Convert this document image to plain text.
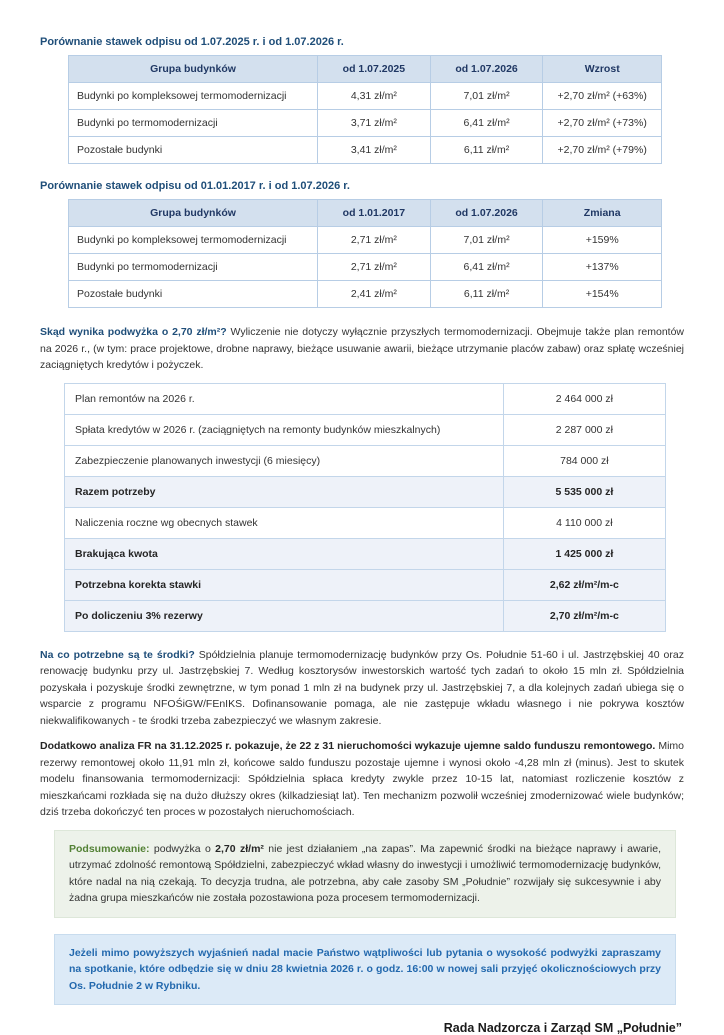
Porównanie stawek odpisu od 1.07.2025 r. i od 1.07.2026 r.
Grupa budynków	od 1.07.2025	od 1.07.2026	Wzrost
Budynki po kompleksowej termomodernizacji	4,31 zł/m²	7,01 zł/m²	+2,70 zł/m² (+63%)
Budynki po termomodernizacji	3,71 zł/m²	6,41 zł/m²	+2,70 zł/m² (+73%)
Pozostałe budynki	3,41 zł/m²	6,11 zł/m²	+2,70 zł/m² (+79%)
Porównanie stawek odpisu od 01.01.2017 r. i od 1.07.2026 r.
Grupa budynków	od 1.01.2017	od 1.07.2026	Zmiana
Budynki po kompleksowej termomodernizacji	2,71 zł/m²	7,01 zł/m²	+159%
Budynki po termomodernizacji	2,71 zł/m²	6,41 zł/m²	+137%
Pozostałe budynki	2,41 zł/m²	6,11 zł/m²	+154%

Skąd wynika podwyżka o 2,70 zł/m²? Wyliczenie nie dotyczy wyłącznie przyszłych termomodernizacji. Obejmuje także plan remontów na 2026 r., (w tym: prace projektowe, drobne naprawy, bieżące usuwanie awarii, bieżące utrzymanie placów zabaw) oraz spłatę wcześniej zaciągniętych kredytów i pożyczek.

Plan remontów na 2026 r.	2 464 000 zł
Spłata kredytów w 2026 r. (zaciągniętych na remonty budynków mieszkalnych)	2 287 000 zł
Zabezpieczenie planowanych inwestycji (6 miesięcy)	784 000 zł
Razem potrzeby	5 535 000 zł
Naliczenia roczne wg obecnych stawek	4 110 000 zł
Brakująca kwota	1 425 000 zł
Potrzebna korekta stawki	2,62 zł/m²/m-c
Po doliczeniu 3% rezerwy	2,70 zł/m²/m-c

Na co potrzebne są te środki? Spółdzielnia planuje termomodernizację budynków przy Os. Południe 51-60 i ul. Jastrzębskiej 40 oraz renowację budynku przy ul. Jastrzębskiej 7. Według kosztorysów inwestorskich wartość tych zadań to około 15 mln zł. Spółdzielnia pozyskała i pozyskuje środki zewnętrzne, w tym ponad 1 mln zł na budynek przy ul. Jastrzębskiej 7, a dla kolejnych zadań ubiega się o wsparcie z programu NFOŚiGW/FEnIKS. Dofinansowanie pomaga, ale nie zastępuje wkładu własnego i nie pokrywa kosztów niekwalifikowanych - te środki trzeba zabezpieczyć we własnym zakresie.

Dodatkowo analiza FR na 31.12.2025 r. pokazuje, że 22 z 31 nieruchomości wykazuje ujemne saldo funduszu remontowego. Mimo rezerwy remontowej około 11,91 mln zł, końcowe saldo funduszu pozostaje ujemne i wynosi około -4,28 mln zł (minus). Jest to skutek modelu finansowania termomodernizacji: Spółdzielnia spłaca kredyty zwykle przez 10-15 lat, natomiast rozliczenie kosztów z mieszkańcami rozkłada się na dużo dłuższy okres (kilkadziesiąt lat). Ten mechanizm pozwolił wcześniej zmodernizować wiele budynków; dziś trzeba dokończyć ten proces w pozostałych nieruchomościach.

Podsumowanie: podwyżka o 2,70 zł/m² nie jest działaniem „na zapas”. Ma zapewnić środki na bieżące naprawy i awarie, utrzymać zdolność remontową Spółdzielni, zabezpieczyć wkład własny do inwestycji i umożliwić termomodernizację budynków, które nadal na nią czekają. To decyzja trudna, ale potrzebna, aby całe zasoby SM „Południe” rozwijały się sukcesywnie i aby żadna grupa mieszkańców nie została pozostawiona poza procesem termomodernizacji.
Jeżeli mimo powyższych wyjaśnień nadal macie Państwo wątpliwości lub pytania o wysokość podwyżki zapraszamy na spotkanie, które odbędzie się w dniu 28 kwietnia 2026 r. o godz. 16:00 w nowej sali przyjęć okolicznościowych przy Os. Południe 2 w Rybniku.
Rada Nadzorcza i Zarząd SM „Południe”
